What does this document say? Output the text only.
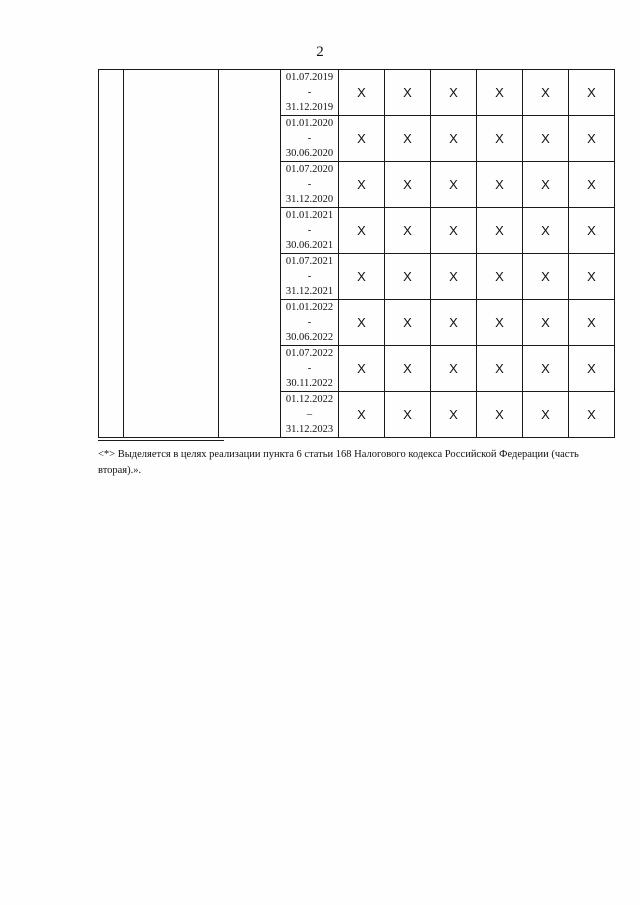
2

			01.07.2019
-
31.12.2019	X	X	X	X	X	X

			01.01.2020
-
30.06.2020	X	X	X	X	X	X

			01.07.2020
-
31.12.2020	X	X	X	X	X	X

			01.01.2021
-
30.06.2021	X	X	X	X	X	X

			01.07.2021
-
31.12.2021	X	X	X	X	X	X

			01.01.2022
-
30.06.2022	X	X	X	X	X	X

			01.07.2022
-
30.11.2022	X	X	X	X	X	X

			01.12.2022
–
31.12.2023	X	X	X	X	X	X
<*> Выделяется в целях реализации пункта 6 статьи 168 Налогового кодекса Российской Федерации (часть вторая).».
